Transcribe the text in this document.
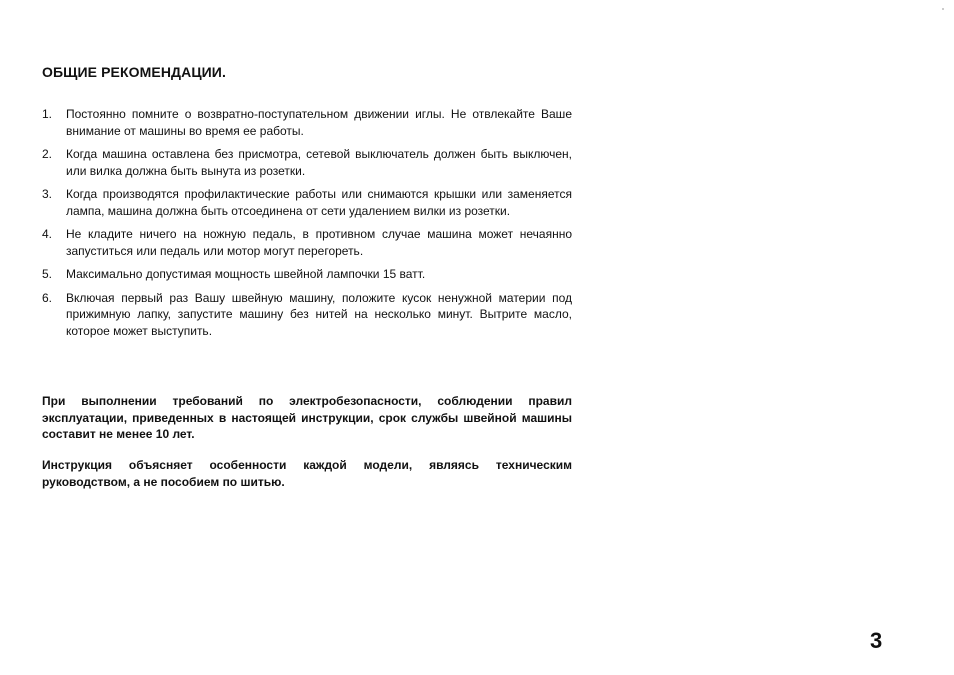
ОБЩИЕ РЕКОМЕНДАЦИИ.
1.	Постоянно помните о возвратно-поступательном движении иглы. Не отвлекайте Ваше внимание от машины во время ее работы.
2.	Когда машина оставлена без присмотра, сетевой выключатель должен быть выключен, или вилка должна быть вынута из розетки.
3.	Когда производятся профилактические работы или снимаются крышки или заменяется лампа, машина должна быть отсоединена от сети удалением вилки из розетки.
4.	Не кладите ничего на ножную педаль, в противном случае машина может нечаянно запуститься или педаль или мотор могут перегореть.
5.	Максимально допустимая мощность швейной лампочки 15 ватт.
6.	Включая первый раз Вашу швейную машину, положите кусок ненужной материи под прижимную лапку, запустите машину без нитей на несколько минут. Вытрите масло, которое может выступить.

При выполнении требований по электробезопасности, соблюдении правил эксплуатации, приведенных в настоящей инструкции, срок службы швейной машины составит не менее 10 лет.

Инструкция объясняет особенности каждой модели, являясь техническим руководством, а не пособием по шитью.

3
